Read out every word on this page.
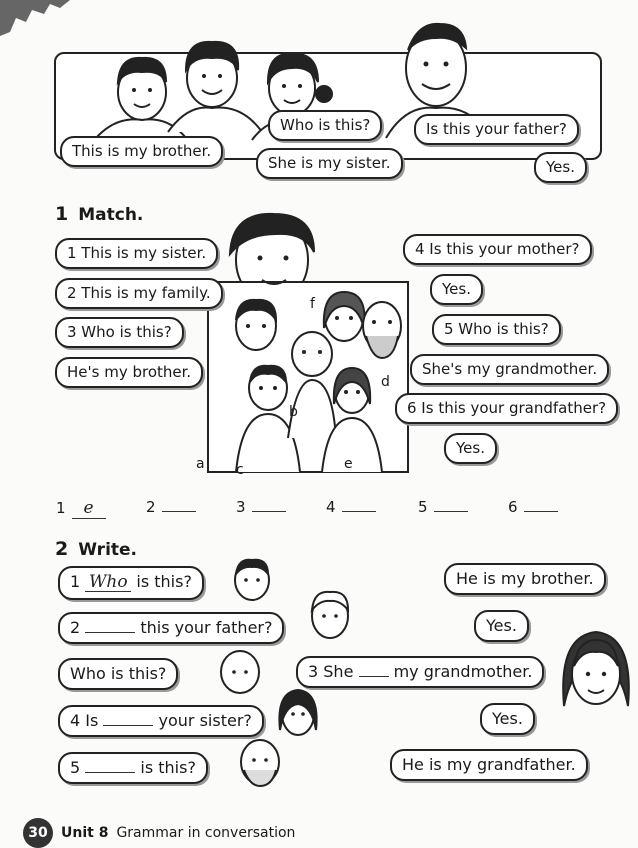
This is my brother.
Who is this?
She is my sister.
Is this your father?
Yes.
1 Match.
a
b
c
d
e
f
1 This is my sister.
2 This is my family.
3 Who is this?
He's my brother.
4 Is this your mother?
Yes.
5 Who is this?
She's my grandmother.
6 Is this your grandfather?
Yes.
1 e	2	3	4	5	6
2 Write.
1 Who is this?
2	this your father?
Who is this?
4 Is	your sister?
5	is this?
3 She	my grandmother.
He is my brother.
Yes.
Yes.
He is my grandfather.
30 Unit 8 Grammar in conversation
